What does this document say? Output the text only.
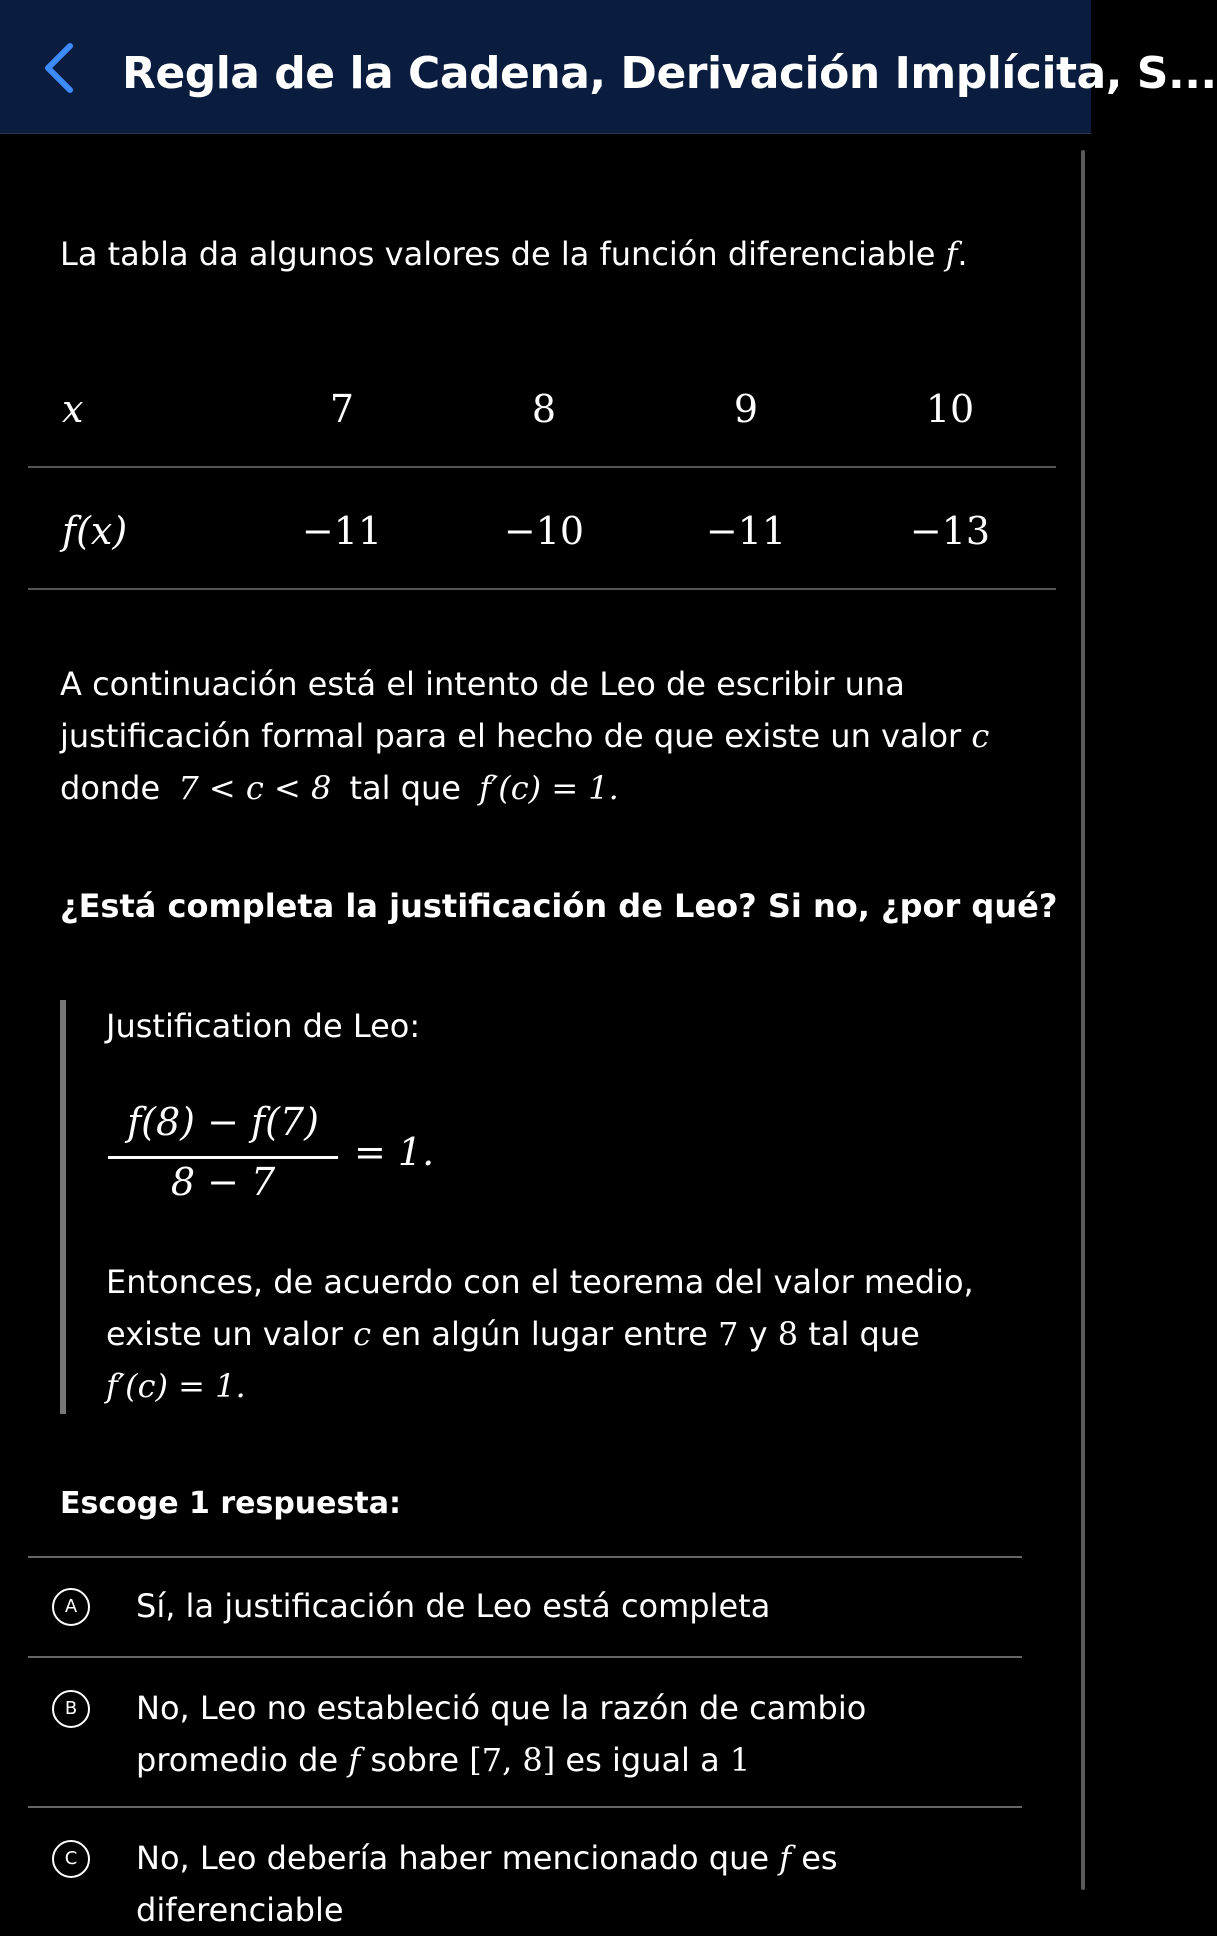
Regla de la Cadena, Derivación Implícita, S...
La tabla da algunos valores de la función diferenciable f.
x	7	8	9	10
f(x)	−11	−10	−11	−13
A continuación está el intento de Leo de escribir una
justificación formal para el hecho de que existe un valor c
donde 7 < c < 8 tal que f′(c) = 1.
¿Está completa la justificación de Leo? Si no, ¿por qué?
Justification de Leo:
f(8) − f(7)
8 − 7
= 1.
Entonces, de acuerdo con el teorema del valor medio,
existe un valor c en algún lugar entre 7 y 8 tal que
f′(c) = 1.
Escoge 1 respuesta:
A	Sí, la justificación de Leo está completa
B	No, Leo no estableció que la razón de cambio
promedio de f sobre [7, 8] es igual a 1
C	No, Leo debería haber mencionado que f es
diferenciable
